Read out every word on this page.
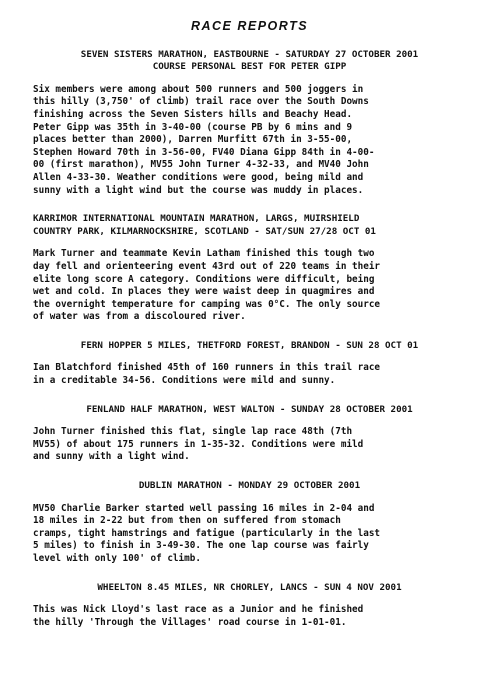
RACE REPORTS
SEVEN SISTERS MARATHON, EASTBOURNE - SATURDAY 27 OCTOBER 2001
COURSE PERSONAL BEST FOR PETER GIPP
Six members were among about 500 runners and 500 joggers in
this hilly (3,750' of climb) trail race over the South Downs
finishing across the Seven Sisters hills and Beachy Head.
Peter Gipp was 35th in 3-40-00 (course PB by 6 mins and 9
places better than 2000), Darren Murfitt 67th in 3-55-00,
Stephen Howard 70th in 3-56-00, FV40 Diana Gipp 84th in 4-00-
00 (first marathon), MV55 John Turner 4-32-33, and MV40 John
Allen 4-33-30. Weather conditions were good, being mild and
sunny with a light wind but the course was muddy in places.
KARRIMOR INTERNATIONAL MOUNTAIN MARATHON, LARGS, MUIRSHIELD
COUNTRY PARK, KILMARNOCKSHIRE, SCOTLAND - SAT/SUN 27/28 OCT 01
Mark Turner and teammate Kevin Latham finished this tough two
day fell and orienteering event 43rd out of 220 teams in their
elite long score A category. Conditions were difficult, being
wet and cold. In places they were waist deep in quagmires and
the overnight temperature for camping was 0°C. The only source
of water was from a discoloured river.
FERN HOPPER 5 MILES, THETFORD FOREST, BRANDON - SUN 28 OCT 01
Ian Blatchford finished 45th of 160 runners in this trail race
in a creditable 34-56. Conditions were mild and sunny.
FENLAND HALF MARATHON, WEST WALTON - SUNDAY 28 OCTOBER 2001
John Turner finished this flat, single lap race 48th (7th
MV55) of about 175 runners in 1-35-32. Conditions were mild
and sunny with a light wind.
DUBLIN MARATHON - MONDAY 29 OCTOBER 2001
MV50 Charlie Barker started well passing 16 miles in 2-04 and
18 miles in 2-22 but from then on suffered from stomach
cramps, tight hamstrings and fatigue (particularly in the last
5 miles) to finish in 3-49-30. The one lap course was fairly
level with only 100' of climb.
WHEELTON 8.45 MILES, NR CHORLEY, LANCS - SUN 4 NOV 2001
This was Nick Lloyd's last race as a Junior and he finished
the hilly 'Through the Villages' road course in 1-01-01.
